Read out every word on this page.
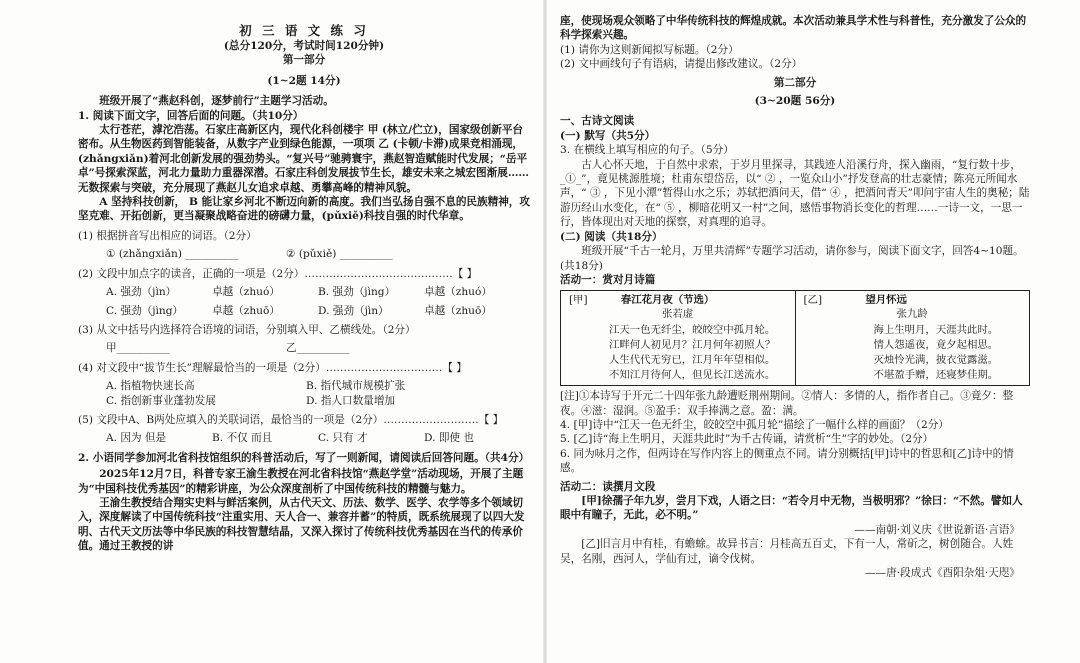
初 三 语 文 练 习
(总分120分，考试时间120分钟)
第一部分
(1~2题 14分)

班级开展了“燕赵科创，逐梦前行”主题学习活动。

1. 阅读下面文字，回答后面的问题。（共10分）

太行苍茫，滹沱浩荡。石家庄高新区内，现代化科创楼宇 甲 (林立/伫立)，国家级创新平台密布。从生物医药到智能装备，从数字产业到绿色能源，一项项 乙 (卡顿/卡滞)成果竞相涌现，(zhǎngxiǎn)着河北创新发展的强劲势头。“复兴号”驰骋寰宇，燕赵智造赋能时代发展；“岳平卓”号探索深蓝，河北力量助力重器深潜。石家庄科创发展拔节生长，雄安未来之城宏图渐展……无数探索与突破，充分展现了燕赵儿女追求卓越、勇攀高峰的精神风貌。

A 坚持科技创新， B 能让家乡河北不断迈向新的高度。我们当弘扬自强不息的民族精神，攻坚克难、开拓创新，更当凝聚战略奋进的磅礴力量，(pǔxiě)科技自强的时代华章。

(1) 根据拼音写出相应的词语。（2分）

① (zhǎngxiǎn) __________	② (pǔxiě) __________

(2) 文段中加点字的读音，正确的一项是（2分）……………………………………【 】

A. 强劲（jìn）	卓越（zhuó）	B. 强劲（jìng）	卓越（zhuó）
C. 强劲（jìng）	卓越（zhuō）	D. 强劲（jìn）	卓越（zhuō）

(3) 从文中括号内选择符合语境的词语，分别填入甲、乙横线处。（2分）

甲__________	乙__________

(4) 对文段中“拔节生长”理解最恰当的一项是（2分）……………………………【 】

A. 指植物快速长高	B. 指代城市规模扩张
C. 指创新事业蓬勃发展	D. 指人口数量增加

(5) 文段中A、B两处应填入的关联词语，最恰当的一项是（2分）………………………【 】

A. 因为 但是	B. 不仅 而且	C. 只有 才	D. 即使 也

2. 小语同学参加河北省科技馆组织的科普活动后，写了一则新闻，请阅读后回答问题。（共4分）

2025年12月7日，科普专家王渝生教授在河北省科技馆“燕赵学堂”活动现场，开展了主题为“中国科技优秀基因”的精彩讲座，为公众深度剖析了中国传统科技的精髓与魅力。

王渝生教授结合翔实史料与鲜活案例，从古代天文、历法、数学、医学、农学等多个领域切入，深度解读了中国传统科技“注重实用、天人合一、兼容并蓄”的特质，既系统展现了以四大发明、古代天文历法等中华民族的科技智慧结晶，又深入探讨了传统科技优秀基因在当代的传承价值。通过王教授的讲

座，使现场观众领略了中华传统科技的辉煌成就。本次活动兼具学术性与科普性，充分激发了公众的科学探索兴趣。

(1) 请你为这则新闻拟写标题。（2分）

(2) 文中画线句子有语病，请提出修改建议。（2分）

第二部分
(3~20题 56分)

一、古诗文阅读

(一) 默写（共5分）

3. 在横线上填写相应的句子。（5分）

古人心怀天地，于自然中求索，于岁月里探寻，其践迹人沿溪行舟，探入幽雨，“复行数十步，_①_”，竟见桃源胜境；杜甫东望岱岳，以“ ② ，一览众山小”抒发登高的壮志豪情；陈亮元所闻水声，“ ③ ，下见小潭”暂得山水之乐；苏轼把酒问天，借“ ④ ，把酒问青天”叩问宇宙人生的奥秘；陆游历经山水变化，在“ ⑤ ，柳暗花明又一村”之间，感悟事物消长变化的哲理……一诗一文，一思一行，皆体现出对天地的探察，对真理的追寻。

(二) 阅读（共18分）

班级开展“千古一轮月，万里共清辉”专题学习活动，请你参与，阅读下面文字，回答4~10题。

(共18分)

活动一：赏对月诗篇

[甲]	春江花月夜（节选）
张若虚
江天一色无纤尘，皎皎空中孤月轮。
江畔何人初见月？江月何年初照人？
人生代代无穷已，江月年年望相似。
不知江月待何人，但见长江送流水。

[乙]	望月怀远
张九龄
海上生明月，天涯共此时。
情人怨遥夜，竟夕起相思。
灭烛怜光满，披衣觉露滋。
不堪盈手赠，还寝梦佳期。

[注]①本诗写于开元二十四年张九龄遭贬荆州期间。②情人：多情的人，指作者自己。③竟夕：整夜。④滋：湿润。⑤盈手：双手捧满之意。盈：满。

4. [甲]诗中“江天一色无纤尘，皎皎空中孤月轮”描绘了一幅什么样的画面？（2分）

5. [乙]诗“海上生明月，天涯共此时”为千古传诵，请赏析“生”字的妙处。（2分）

6. 同为咏月之作，但两诗在写作内容上的侧重点不同。请分别概括[甲]诗中的哲思和[乙]诗中的情感。

活动二：读撰月文段

[甲]徐孺子年九岁，尝月下戏，人语之曰：“若令月中无物，当极明邪？”徐曰：“不然。譬如人眼中有瞳子，无此，必不明。”

——南朝·刘义庆《世说新语·言语》

[乙]旧言月中有桂，有蟾蜍。故异书言：月桂高五百丈，下有一人，常斫之，树创随合。人姓吴，名刚，西河人，学仙有过，谪令伐树。

——唐·段成式《酉阳杂俎·天咫》
